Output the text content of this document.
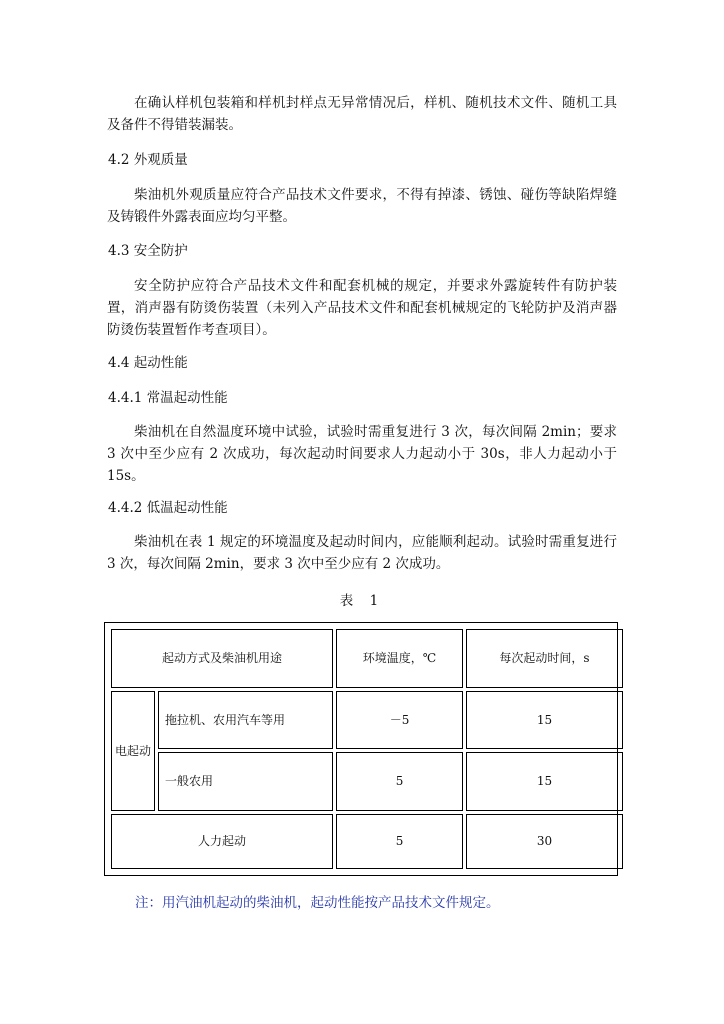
在确认样机包装箱和样机封样点无异常情况后，样机、随机技术文件、随机工具及备件不得错装漏装。

4.2 外观质量

柴油机外观质量应符合产品技术文件要求，不得有掉漆、锈蚀、碰伤等缺陷焊缝及铸锻件外露表面应均匀平整。

4.3 安全防护

安全防护应符合产品技术文件和配套机械的规定，并要求外露旋转件有防护装置，消声器有防烫伤装置（未列入产品技术文件和配套机械规定的飞轮防护及消声器防烫伤装置暂作考查项目）。

4.4 起动性能

4.4.1 常温起动性能

柴油机在自然温度环境中试验，试验时需重复进行 3 次，每次间隔 2min；要求 3 次中至少应有 2 次成功，每次起动时间要求人力起动小于 30s，非人力起动小于 15s。

4.4.2 低温起动性能

柴油机在表 1 规定的环境温度及起动时间内，应能顺利起动。试验时需重复进行 3 次，每次间隔 2min，要求 3 次中至少应有 2 次成功。

表 1

起动方式及柴油机用途		环境温度，℃	每次起动时间，s
电起动	拖拉机、农用汽车等用	－5	15
	一般农用	5	15
人力起动		5	30

注：用汽油机起动的柴油机，起动性能按产品技术文件规定。
